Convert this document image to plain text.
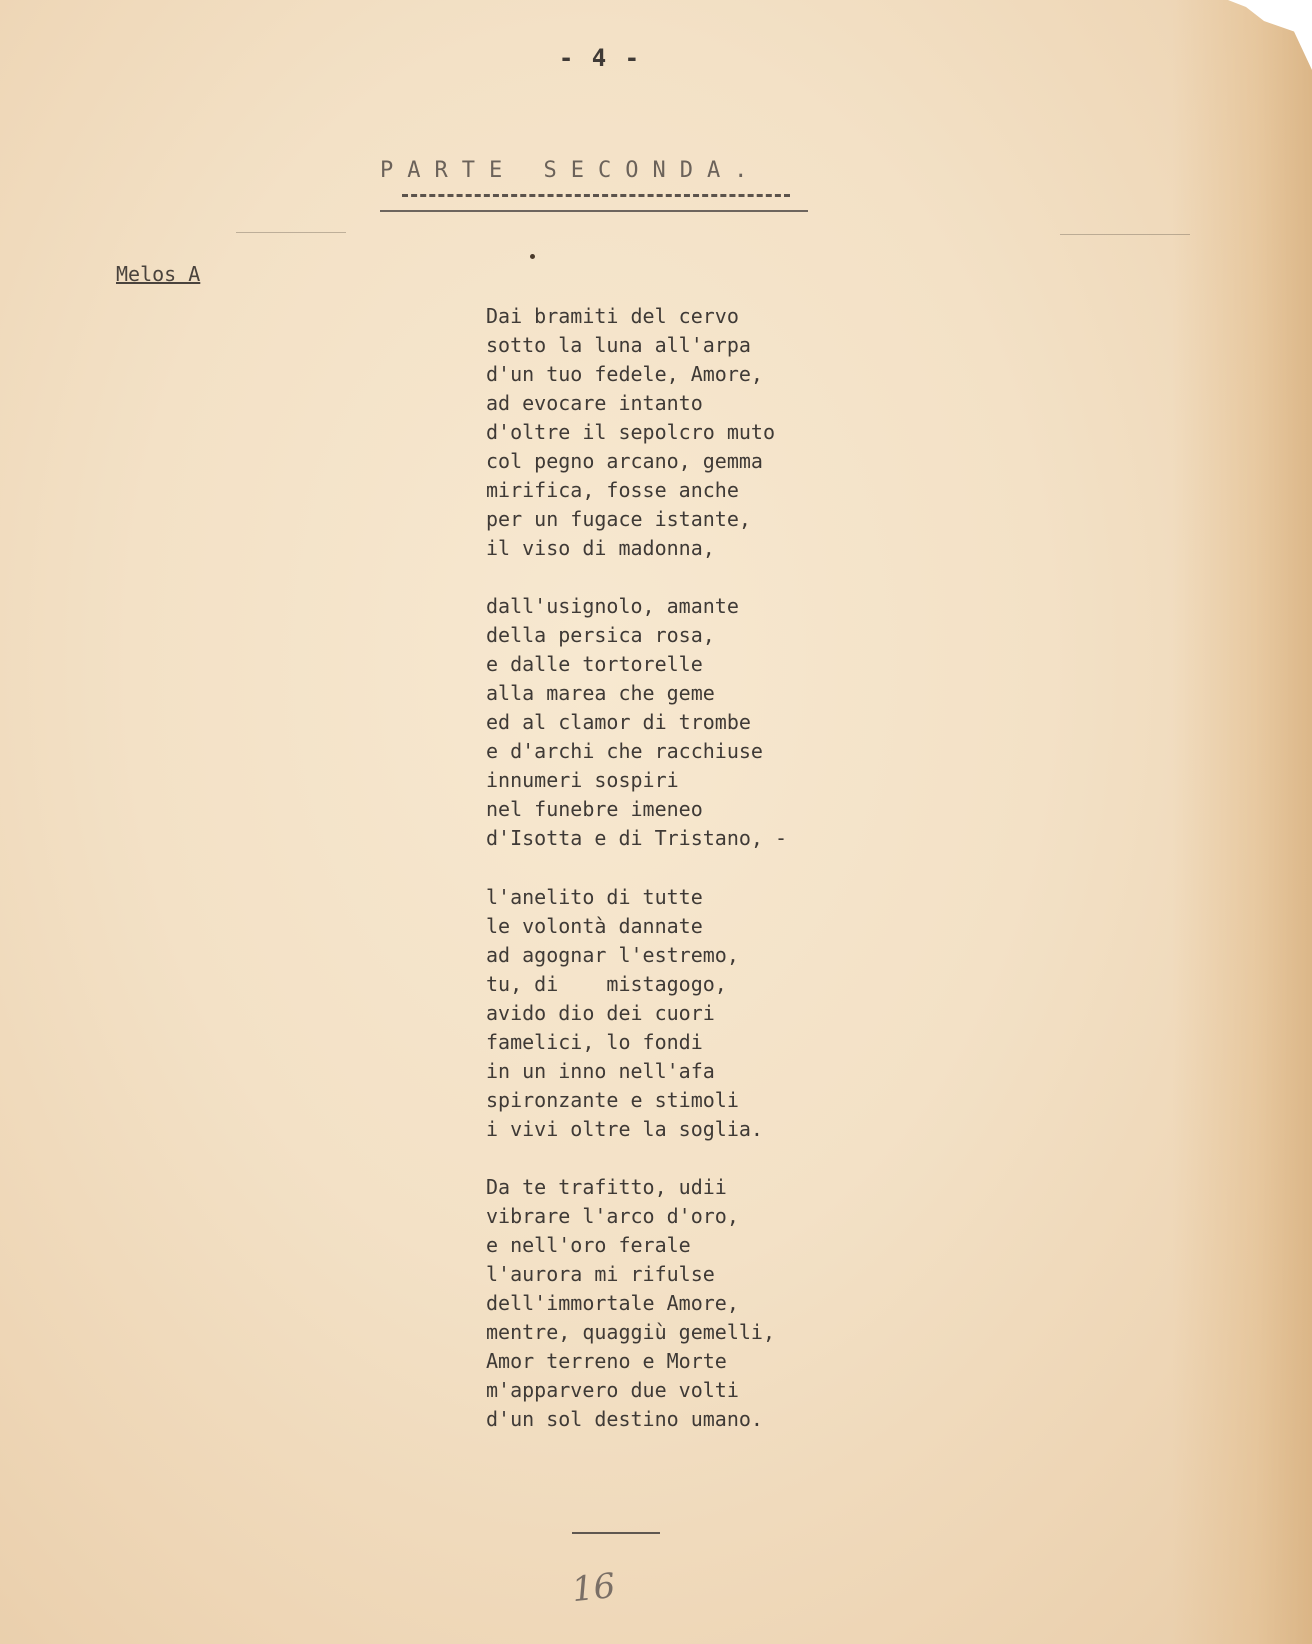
- 4 -
PARTE SECONDA.
Melos A
Dai bramiti del cervo
sotto la luna all'arpa
d'un tuo fedele, Amore,
ad evocare intanto
d'oltre il sepolcro muto
col pegno arcano, gemma
mirifica, fosse anche
per un fugace istante,
il viso di madonna,
dall'usignolo, amante
della persica rosa,
e dalle tortorelle
alla marea che geme
ed al clamor di trombe
e d'archi che racchiuse
innumeri sospiri
nel funebre imeneo
d'Isotta e di Tristano, -
l'anelito di tutte
le volontà dannate
ad agognar l'estremo,
tu, di    mistagogo,
avido dio dei cuori
famelici, lo fondi
in un inno nell'afa
spironzante e stimoli
i vivi oltre la soglia.
Da te trafitto, udii
vibrare l'arco d'oro,
e nell'oro ferale
l'aurora mi rifulse
dell'immortale Amore,
mentre, quaggiù gemelli,
Amor terreno e Morte
m'apparvero due volti
d'un sol destino umano.
16
